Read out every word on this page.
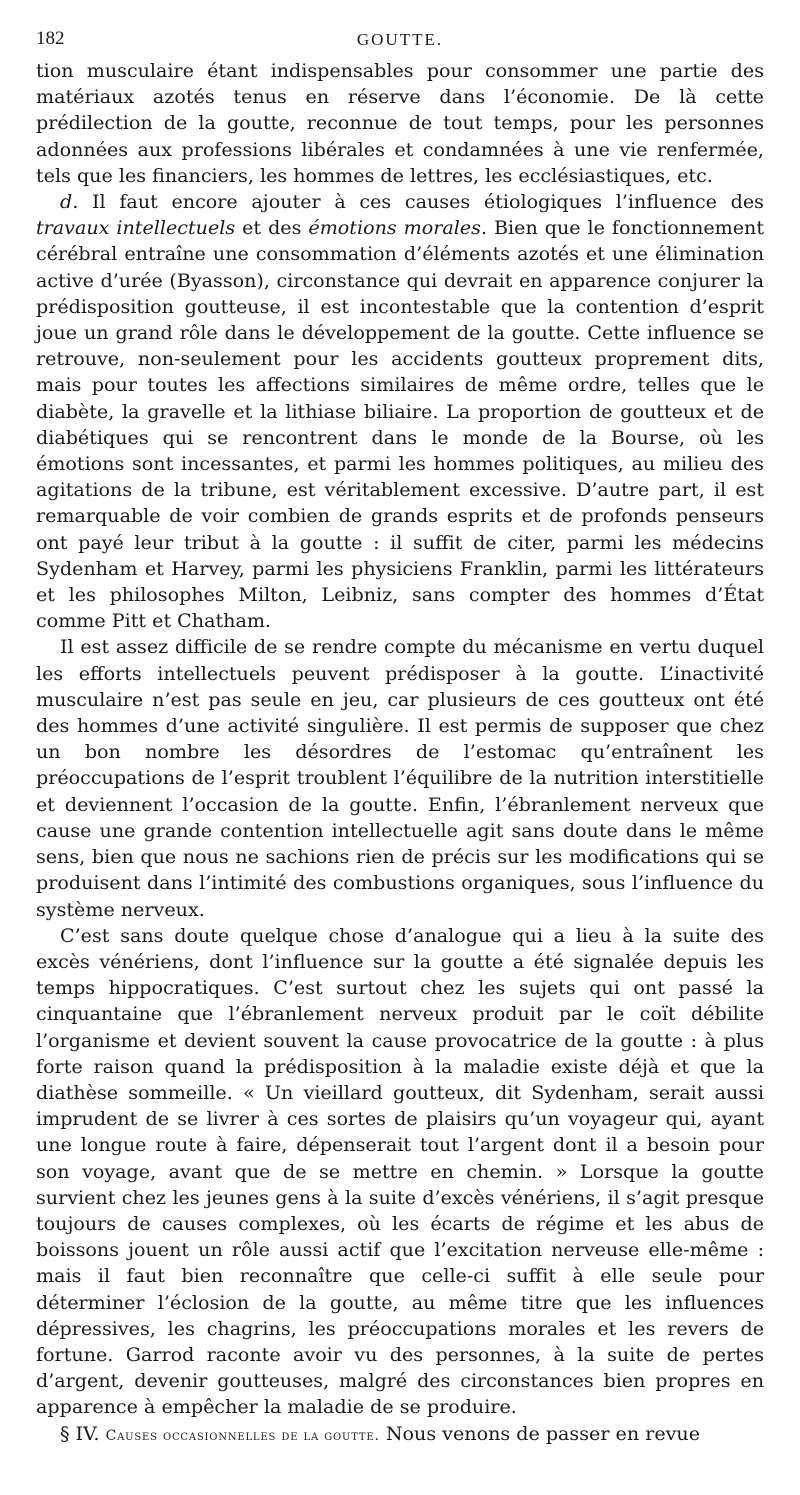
182	GOUTTE.

tion musculaire étant indispensables pour consommer une partie des matériaux azotés tenus en réserve dans l’économie. De là cette prédilection de la goutte, reconnue de tout temps, pour les personnes adonnées aux professions libérales et condamnées à une vie renfermée, tels que les financiers, les hommes de lettres, les ecclésiastiques, etc.

d. Il faut encore ajouter à ces causes étiologiques l’influence des travaux intellectuels et des émotions morales. Bien que le fonctionnement cérébral entraîne une consommation d’éléments azotés et une élimination active d’urée (Byasson), circonstance qui devrait en apparence conjurer la prédisposition goutteuse, il est incontestable que la contention d’esprit joue un grand rôle dans le développement de la goutte. Cette influence se retrouve, non-seulement pour les accidents goutteux proprement dits, mais pour toutes les affections similaires de même ordre, telles que le diabète, la gravelle et la lithiase biliaire. La proportion de goutteux et de diabétiques qui se rencontrent dans le monde de la Bourse, où les émotions sont incessantes, et parmi les hommes politiques, au milieu des agitations de la tribune, est véritablement excessive. D’autre part, il est remarquable de voir combien de grands esprits et de profonds penseurs ont payé leur tribut à la goutte : il suffit de citer, parmi les médecins Sydenham et Harvey, parmi les physiciens Franklin, parmi les littérateurs et les philosophes Milton, Leibniz, sans compter des hommes d’État comme Pitt et Chatham.

Il est assez difficile de se rendre compte du mécanisme en vertu duquel les efforts intellectuels peuvent prédisposer à la goutte. L’inactivité musculaire n’est pas seule en jeu, car plusieurs de ces goutteux ont été des hommes d’une activité singulière. Il est permis de supposer que chez un bon nombre les désordres de l’estomac qu’entraînent les préoccupations de l’esprit troublent l’équilibre de la nutrition interstitielle et deviennent l’occasion de la goutte. Enfin, l’ébranlement nerveux que cause une grande contention intellectuelle agit sans doute dans le même sens, bien que nous ne sachions rien de précis sur les modifications qui se produisent dans l’intimité des combustions organiques, sous l’influence du système nerveux.

C’est sans doute quelque chose d’analogue qui a lieu à la suite des excès vénériens, dont l’influence sur la goutte a été signalée depuis les temps hippocratiques. C’est surtout chez les sujets qui ont passé la cinquantaine que l’ébranlement nerveux produit par le coït débilite l’organisme et devient souvent la cause provocatrice de la goutte : à plus forte raison quand la prédisposition à la maladie existe déjà et que la diathèse sommeille. « Un vieillard goutteux, dit Sydenham, serait aussi imprudent de se livrer à ces sortes de plaisirs qu’un voyageur qui, ayant une longue route à faire, dépenserait tout l’argent dont il a besoin pour son voyage, avant que de se mettre en chemin. » Lorsque la goutte survient chez les jeunes gens à la suite d’excès vénériens, il s’agit presque toujours de causes complexes, où les écarts de régime et les abus de boissons jouent un rôle aussi actif que l’excitation nerveuse elle-même : mais il faut bien reconnaître que celle-ci suffit à elle seule pour déterminer l’éclosion de la goutte, au même titre que les influences dépressives, les chagrins, les préoccupations morales et les revers de fortune. Garrod raconte avoir vu des personnes, à la suite de pertes d’argent, devenir goutteuses, malgré des circonstances bien propres en apparence à empêcher la maladie de se produire.

§ IV. Causes occasionnelles de la goutte. Nous venons de passer en revue
